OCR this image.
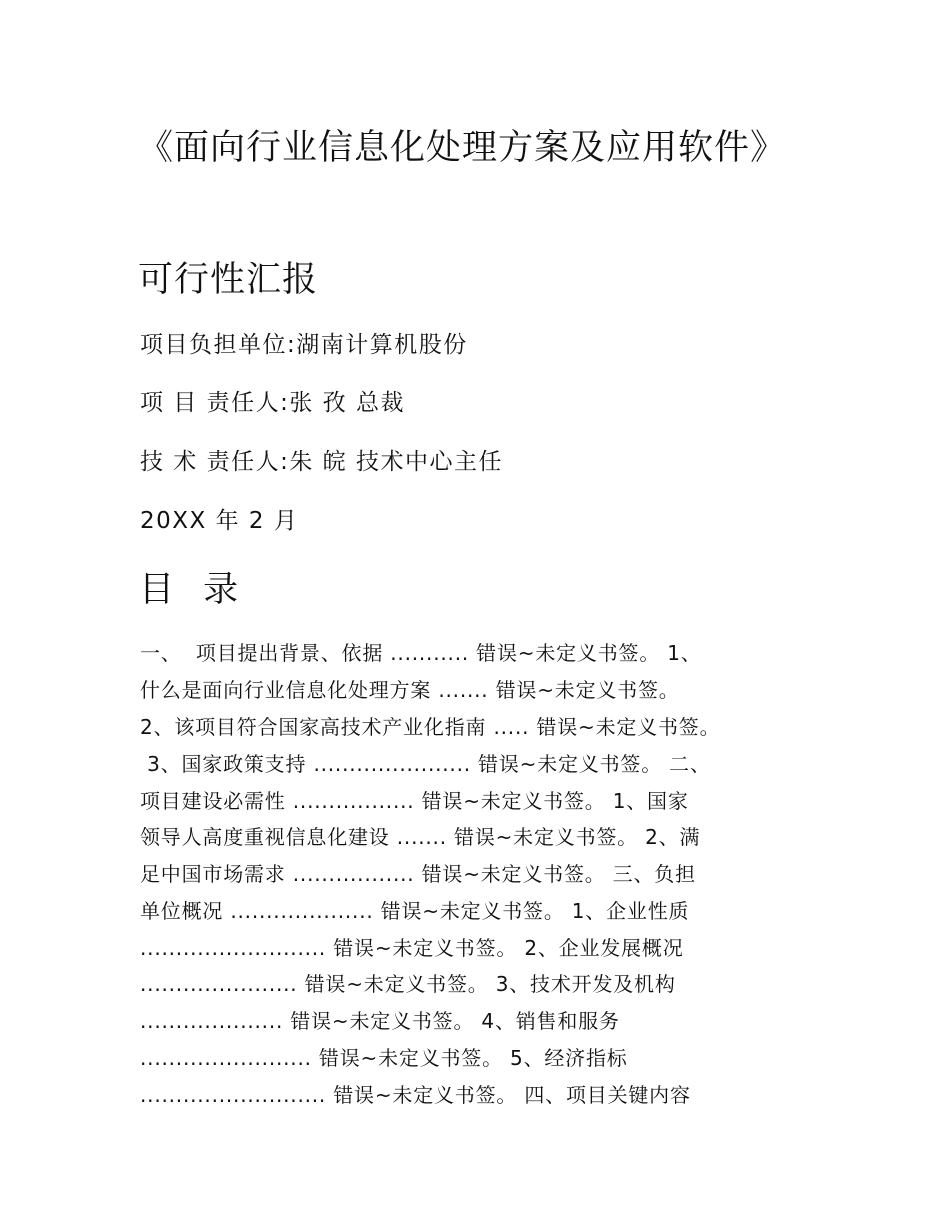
《面向行业信息化处理方案及应用软件》
可行性汇报
项目负担单位:湖南计算机股份
项 目 责任人:张 孜 总裁
技 术 责任人:朱 皖 技术中心主任
20XX 年 2 月
目 录
一、  项目提出背景、依据 ........... 错误~未定义书签。 1、
什么是面向行业信息化处理方案 ....... 错误~未定义书签。
2、该项目符合国家高技术产业化指南 ..... 错误~未定义书签。
3、国家政策支持 ...................... 错误~未定义书签。 二、
项目建设必需性 ................. 错误~未定义书签。 1、国家
领导人高度重视信息化建设 ....... 错误~未定义书签。 2、满
足中国市场需求 ................. 错误~未定义书签。 三、负担
单位概况 .................... 错误~未定义书签。 1、企业性质
.......................... 错误~未定义书签。 2、企业发展概况
...................... 错误~未定义书签。 3、技术开发及机构
.................... 错误~未定义书签。 4、销售和服务
........................ 错误~未定义书签。 5、经济指标
.......................... 错误~未定义书签。 四、项目关键内容
